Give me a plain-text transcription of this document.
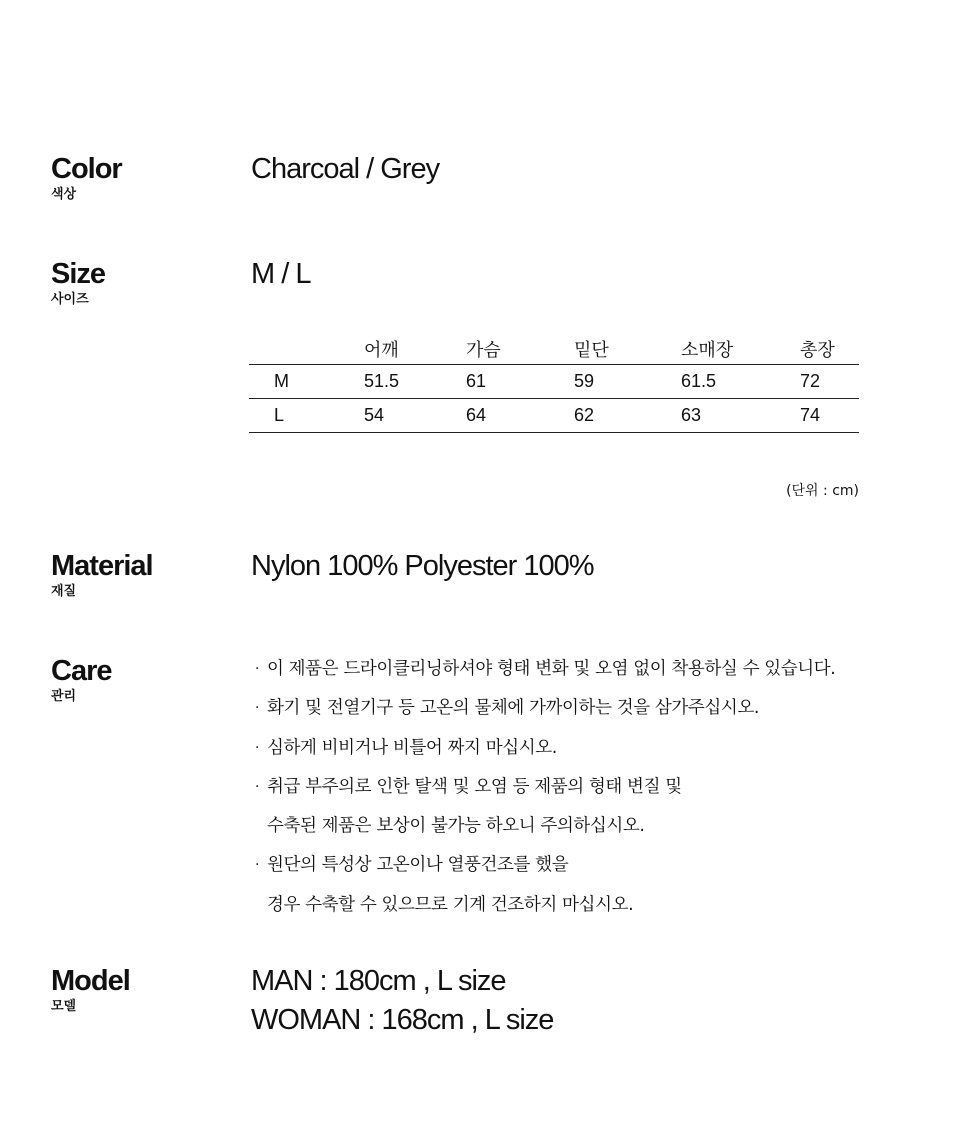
Color

색상

Charcoal / Grey

Size

사이즈

M / L

	어깨	가슴	밑단	소매장	총장
M	51.5	61	59	61.5	72
L	54	64	62	63	74

(단위 : cm)

Material

재질

Nylon 100% Polyester 100%

Care

관리

· 이 제품은 드라이클리닝하셔야 형태 변화 및 오염 없이 착용하실 수 있습니다.
· 화기 및 전열기구 등 고온의 물체에 가까이하는 것을 삼가주십시오.
· 심하게 비비거나 비틀어 짜지 마십시오.
· 취급 부주의로 인한 탈색 및 오염 등 제품의 형태 변질 및
수축된 제품은 보상이 불가능 하오니 주의하십시오.
· 원단의 특성상 고온이나 열풍건조를 했을
경우 수축할 수 있으므로 기계 건조하지 마십시오.
Model

모델

MAN : 180cm , L size

WOMAN : 168cm , L size
